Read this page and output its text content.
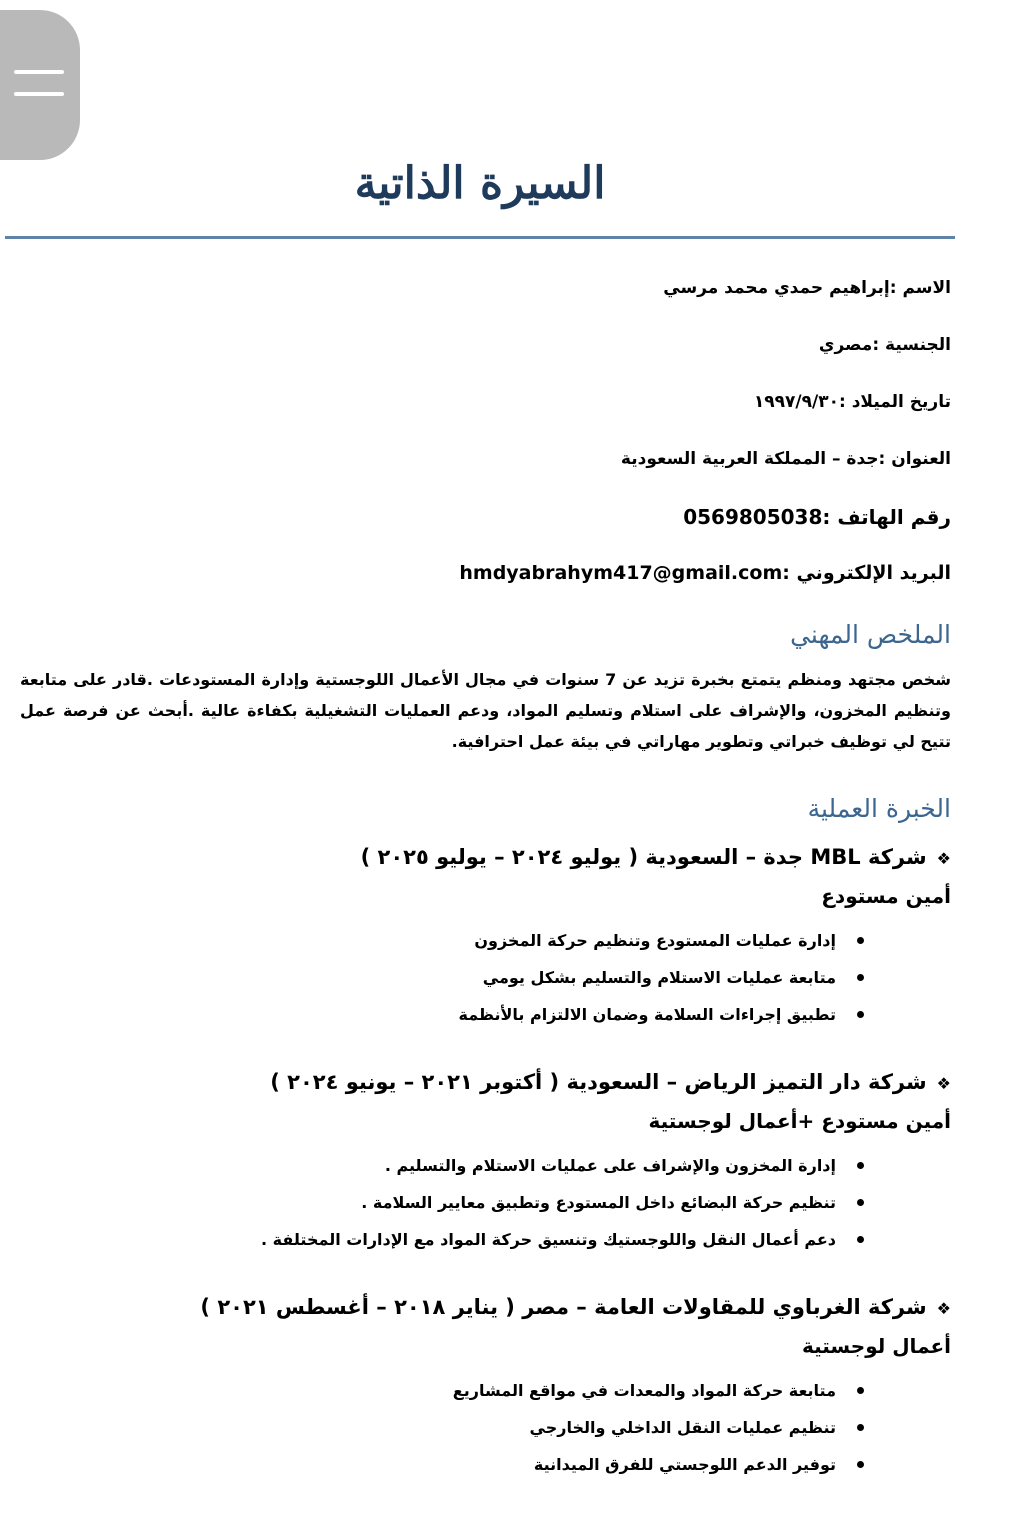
السيرة الذاتية
الاسم :إبراهيم حمدي محمد مرسي
الجنسية :مصري
تاريخ الميلاد :١٩٩٧/٩/٣٠
العنوان :جدة – المملكة العربية السعودية
رقم الهاتف :0569805038
البريد الإلكتروني :hmdyabrahym417@gmail.com
الملخص المهني
شخص مجتهد ومنظم يتمتع بخبرة تزيد عن 7 سنوات في مجال الأعمال اللوجستية وإدارة المستودعات .قادر على متابعة وتنظيم المخزون، والإشراف على استلام وتسليم المواد، ودعم العمليات التشغيلية بكفاءة عالية .أبحث عن فرصة عمل تتيح لي توظيف خبراتي وتطوير مهاراتي في بيئة عمل احترافية.
الخبرة العملية
❖شركة MBL جدة – السعودية ( يوليو ٢٠٢٤ – يوليو ٢٠٢٥ )
أمين مستودع
إدارة عمليات المستودع وتنظيم حركة المخزون
متابعة عمليات الاستلام والتسليم بشكل يومي
تطبيق إجراءات السلامة وضمان الالتزام بالأنظمة
❖شركة دار التميز الرياض – السعودية ( أكتوبر ٢٠٢١ – يونيو ٢٠٢٤ )
أمين مستودع +أعمال لوجستية
إدارة المخزون والإشراف على عمليات الاستلام والتسليم .
تنظيم حركة البضائع داخل المستودع وتطبيق معايير السلامة .
دعم أعمال النقل واللوجستيك وتنسيق حركة المواد مع الإدارات المختلفة .
❖شركة الغرباوي للمقاولات العامة – مصر ( يناير ٢٠١٨ – أغسطس ٢٠٢١ )
أعمال لوجستية
متابعة حركة المواد والمعدات في مواقع المشاريع
تنظيم عمليات النقل الداخلي والخارجي
توفير الدعم اللوجستي للفرق الميدانية
